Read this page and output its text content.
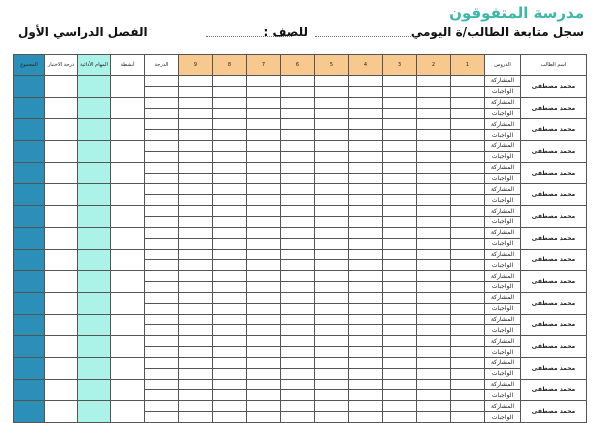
مدرسة المتفوقون
سجل متابعة الطالب/ة اليومي
للصف :
الفصل الدراسي الأول
اسم الطالب	الدروس	1	2	3	4	5	6	7	8	9	الدرجة	أنشطة	المهام الأدائية	درجة الاختبار	المجموع
محمد مصطفى	المشاركة														
	الواجبات														
محمد مصطفى	المشاركة														
	الواجبات														
محمد مصطفى	المشاركة														
	الواجبات														
محمد مصطفى	المشاركة														
	الواجبات														
محمد مصطفى	المشاركة														
	الواجبات														
محمد مصطفى	المشاركة														
	الواجبات														
محمد مصطفى	المشاركة														
	الواجبات														
محمد مصطفى	المشاركة														
	الواجبات														
محمد مصطفى	المشاركة														
	الواجبات														
محمد مصطفى	المشاركة														
	الواجبات														
محمد مصطفى	المشاركة														
	الواجبات														
محمد مصطفى	المشاركة														
	الواجبات														
محمد مصطفى	المشاركة														
	الواجبات														
محمد مصطفى	المشاركة														
	الواجبات														
محمد مصطفى	المشاركة														
	الواجبات														
محمد مصطفى	المشاركة														
	الواجبات														
